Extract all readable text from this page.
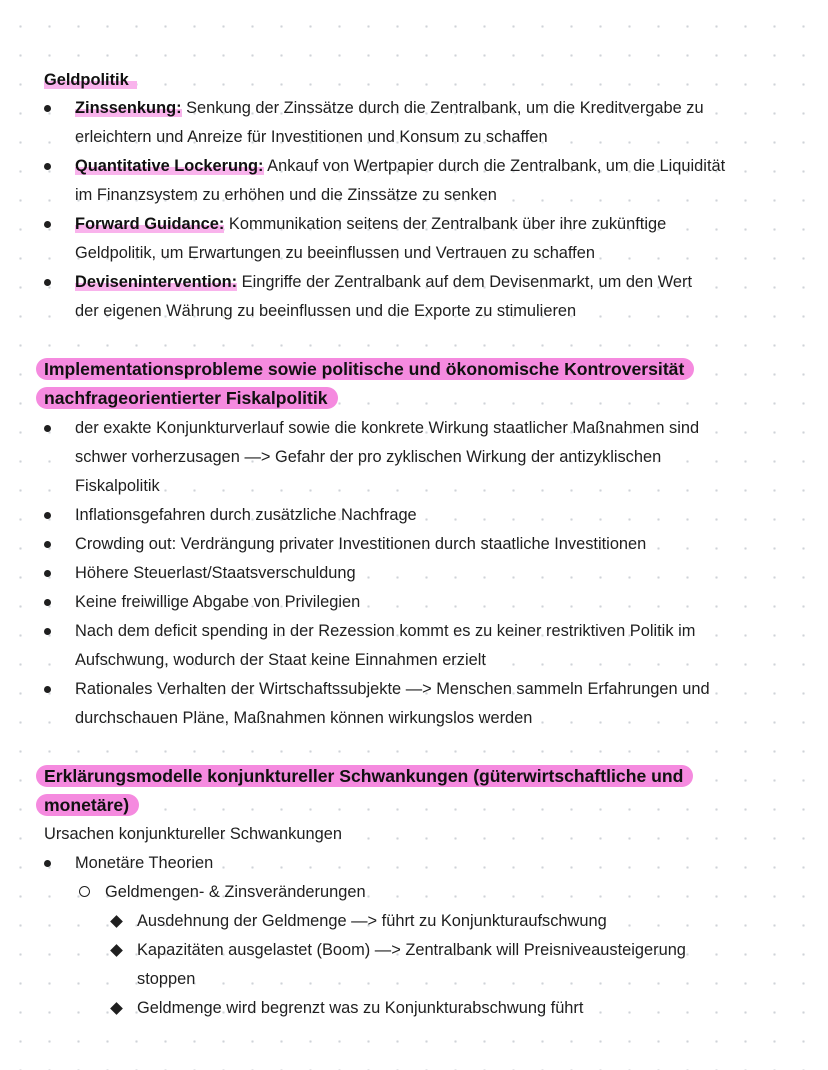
Geldpolitik
Zinssenkung: Senkung der Zinssätze durch die Zentralbank, um die Kreditvergabe zu
erleichtern und Anreize für Investitionen und Konsum zu schaffen
Quantitative Lockerung: Ankauf von Wertpapier durch die Zentralbank, um die Liquidität
im Finanzsystem zu erhöhen und die Zinssätze zu senken
Forward Guidance: Kommunikation seitens der Zentralbank über ihre zukünftige
Geldpolitik, um Erwartungen zu beeinflussen und Vertrauen zu schaffen
Devisenintervention: Eingriffe der Zentralbank auf dem Devisenmarkt, um den Wert
der eigenen Währung zu beeinflussen und die Exporte zu stimulieren
Implementationsprobleme sowie politische und ökonomische Kontroversität
nachfrageorientierter Fiskalpolitik
der exakte Konjunkturverlauf sowie die konkrete Wirkung staatlicher Maßnahmen sind
schwer vorherzusagen —> Gefahr der pro zyklischen Wirkung der antizyklischen
Fiskalpolitik
Inflationsgefahren durch zusätzliche Nachfrage
Crowding out: Verdrängung privater Investitionen durch staatliche Investitionen
Höhere Steuerlast/Staatsverschuldung
Keine freiwillige Abgabe von Privilegien
Nach dem deficit spending in der Rezession kommt es zu keiner restriktiven Politik im
Aufschwung, wodurch der Staat keine Einnahmen erzielt
Rationales Verhalten der Wirtschaftssubjekte —> Menschen sammeln Erfahrungen und
durchschauen Pläne, Maßnahmen können wirkungslos werden
Erklärungsmodelle konjunktureller Schwankungen (güterwirtschaftliche und
monetäre)
Ursachen konjunktureller Schwankungen
Monetäre Theorien
Geldmengen- & Zinsveränderungen
Ausdehnung der Geldmenge —> führt zu Konjunkturaufschwung
Kapazitäten ausgelastet (Boom) —> Zentralbank will Preisniveausteigerung
stoppen
Geldmenge wird begrenzt was zu Konjunkturabschwung führt
